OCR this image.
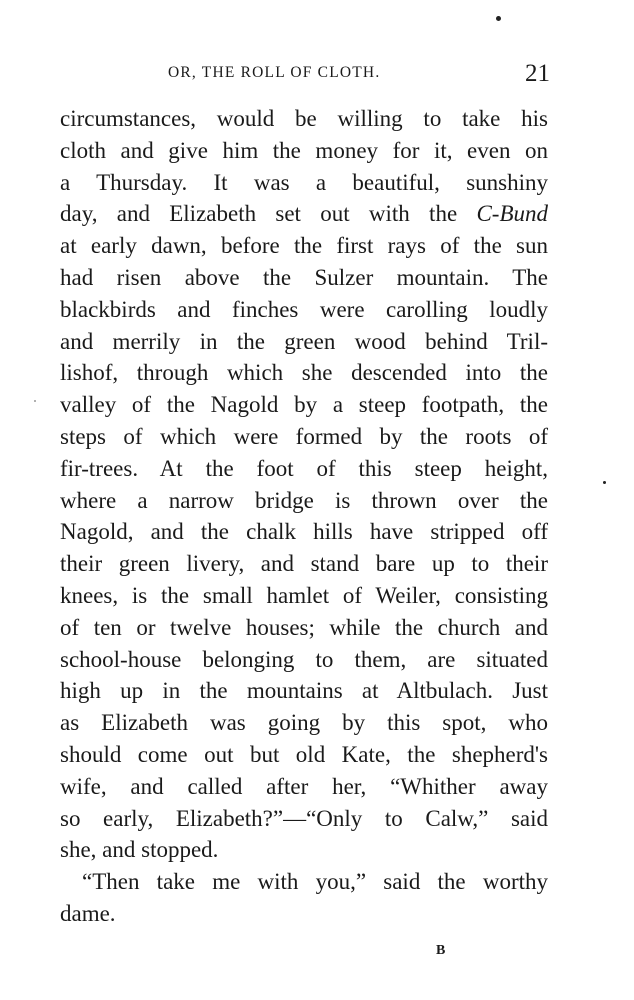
OR, THE ROLL OF CLOTH.	21
circumstances, would be willing to take his
cloth and give him the money for it, even on
a Thursday. It was a beautiful, sunshiny
day, and Elizabeth set out with the C-Bund
at early dawn, before the first rays of the sun
had risen above the Sulzer mountain. The
blackbirds and finches were carolling loudly
and merrily in the green wood behind Tril-
lishof, through which she descended into the
valley of the Nagold by a steep footpath, the
steps of which were formed by the roots of
fir-trees. At the foot of this steep height,
where a narrow bridge is thrown over the
Nagold, and the chalk hills have stripped off
their green livery, and stand bare up to their
knees, is the small hamlet of Weiler, consisting
of ten or twelve houses; while the church and
school-house belonging to them, are situated
high up in the mountains at Altbulach. Just
as Elizabeth was going by this spot, who
should come out but old Kate, the shepherd's
wife, and called after her, “Whither away
so early, Elizabeth?”—“Only to Calw,” said
she, and stopped.
“Then take me with you,” said the worthy
dame.
B
